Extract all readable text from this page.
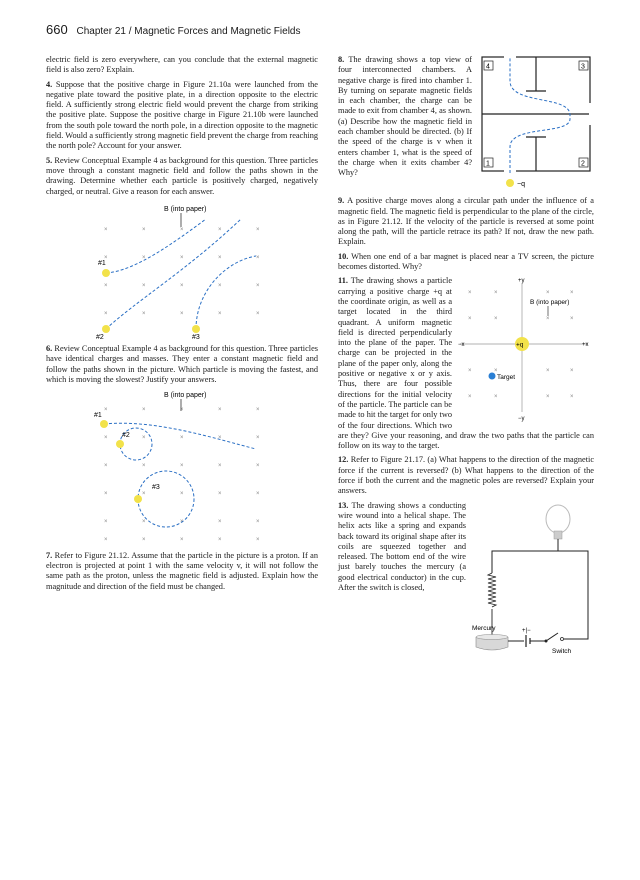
660 Chapter 21 / Magnetic Forces and Magnetic Fields

electric field is zero everywhere, can you conclude that the external magnetic field is also zero? Explain.

4. Suppose that the positive charge in Figure 21.10a were launched from the negative plate toward the positive plate, in a direction opposite to the electric field. A sufficiently strong electric field would prevent the charge from striking the positive plate. Suppose the positive charge in Figure 21.10b were launched from the south pole toward the north pole, in a direction opposite to the magnetic field. Would a sufficiently strong magnetic field prevent the charge from reaching the north pole? Account for your answer.

5. Review Conceptual Example 4 as background for this question. Three particles move through a constant magnetic field and follow the paths shown in the drawing. Determine whether each particle is positively charged, negatively charged, or neutral. Give a reason for each answer.

×	×	×	×	×
×	×	×	×	×
×	×	×	×	×
×	×	×	×	×
B (into paper)
#1
#2	#3

6. Review Conceptual Example 4 as background for this question. Three particles have identical charges and masses. They enter a constant magnetic field and follow the paths shown in the picture. Which particle is moving the fastest, and which is moving the slowest? Justify your answers.

×	×	×	×	×
×	×	×	×	×
×	×	×	×	×
×	×	×	×	×
×	×	×	×	×
×	×	×	×	×
B (into paper)
#1
#2
#3

7. Refer to Figure 21.12. Assume that the particle in the picture is a proton. If an electron is projected at point 1 with the same velocity v, it will not follow the same path as the proton, unless the magnetic field is adjusted. Explain how the magnitude and direction of the field must be changed.

−q
4	3
1	2

8. The drawing shows a top view of four interconnected chambers. A negative charge is fired into chamber 1. By turning on separate magnetic fields in each chamber, the charge can be made to exit from chamber 4, as shown. (a) Describe how the magnetic field in each chamber should be directed. (b) If the speed of the charge is v when it enters chamber 1, what is the speed of the charge when it exits chamber 4? Why?

9. A positive charge moves along a circular path under the influence of a magnetic field. The magnetic field is perpendicular to the plane of the circle, as in Figure 21.12. If the velocity of the particle is reversed at some point along the path, will the particle retrace its path? If not, draw the new path. Explain.

10. When one end of a bar magnet is placed near a TV screen, the picture becomes distorted. Why?

×	×	×	×
×	×	×	×
×	×	×	×
×	×	×	×
+y
−y
+x
−x
B (into paper)
+q
Target

11. The drawing shows a particle carrying a positive charge +q at the coordinate origin, as well as a target located in the third quadrant. A uniform magnetic field is directed perpendicularly into the plane of the paper. The charge can be projected in the plane of the paper only, along the positive or negative x or y axis. Thus, there are four possible directions for the initial velocity of the particle. The particle can be made to hit the target for only two of the four directions. Which two are they? Give your reasoning, and draw the two paths that the particle can follow on its way to the target.

12. Refer to Figure 21.17. (a) What happens to the direction of the magnetic force if the current is reversed? (b) What happens to the direction of the force if both the current and the magnetic poles are reversed? Explain your answers.

+|−
Mercury
Switch

13. The drawing shows a conducting wire wound into a helical shape. The helix acts like a spring and expands back toward its original shape after its coils are squeezed together and released. The bottom end of the wire just barely touches the mercury (a good electrical conductor) in the cup. After the switch is closed,
